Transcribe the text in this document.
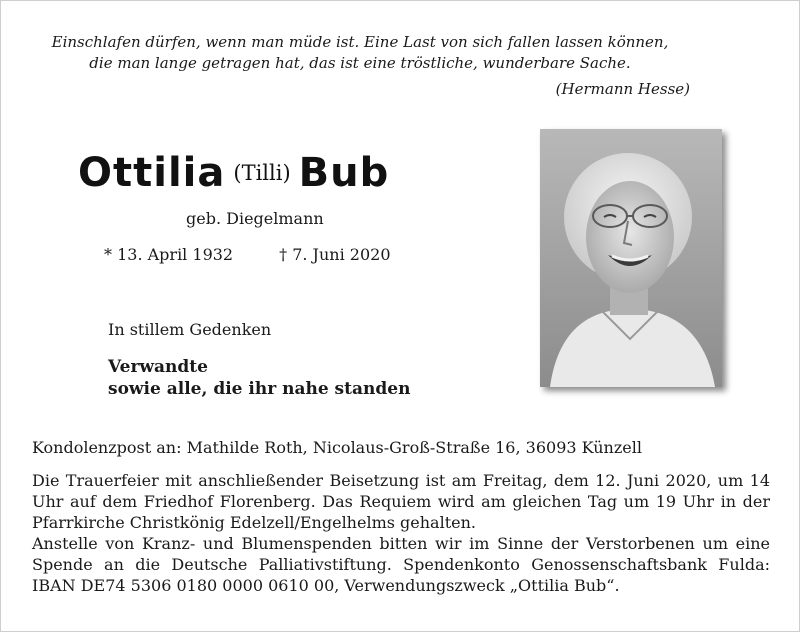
Einschlafen dürfen, wenn man müde ist. Eine Last von sich fallen lassen können,
die man lange getragen hat, das ist eine tröstliche, wunderbare Sache.
(Hermann Hesse)
Ottilia (Tilli) Bub
geb. Diegelmann
* 13. April 1932	† 7. Juni 2020
In stillem Gedenken
Verwandte
sowie alle, die ihr nahe standen
Kondolenzpost an: Mathilde Roth, Nicolaus-Groß-Straße 16, 36093 Künzell

Die Trauerfeier mit anschließender Beisetzung ist am Freitag, dem 12. Juni 2020, um 14 Uhr auf dem Friedhof Florenberg. Das Requiem wird am gleichen Tag um 19 Uhr in der Pfarrkirche Christkönig Edelzell/Engelhelms gehalten.

Anstelle von Kranz- und Blumenspenden bitten wir im Sinne der Verstorbenen um eine Spende an die Deutsche Palliativstiftung. Spendenkonto Genossenschaftsbank Fulda: IBAN DE74 5306 0180 0000 0610 00, Verwendungszweck „Ottilia Bub“.
